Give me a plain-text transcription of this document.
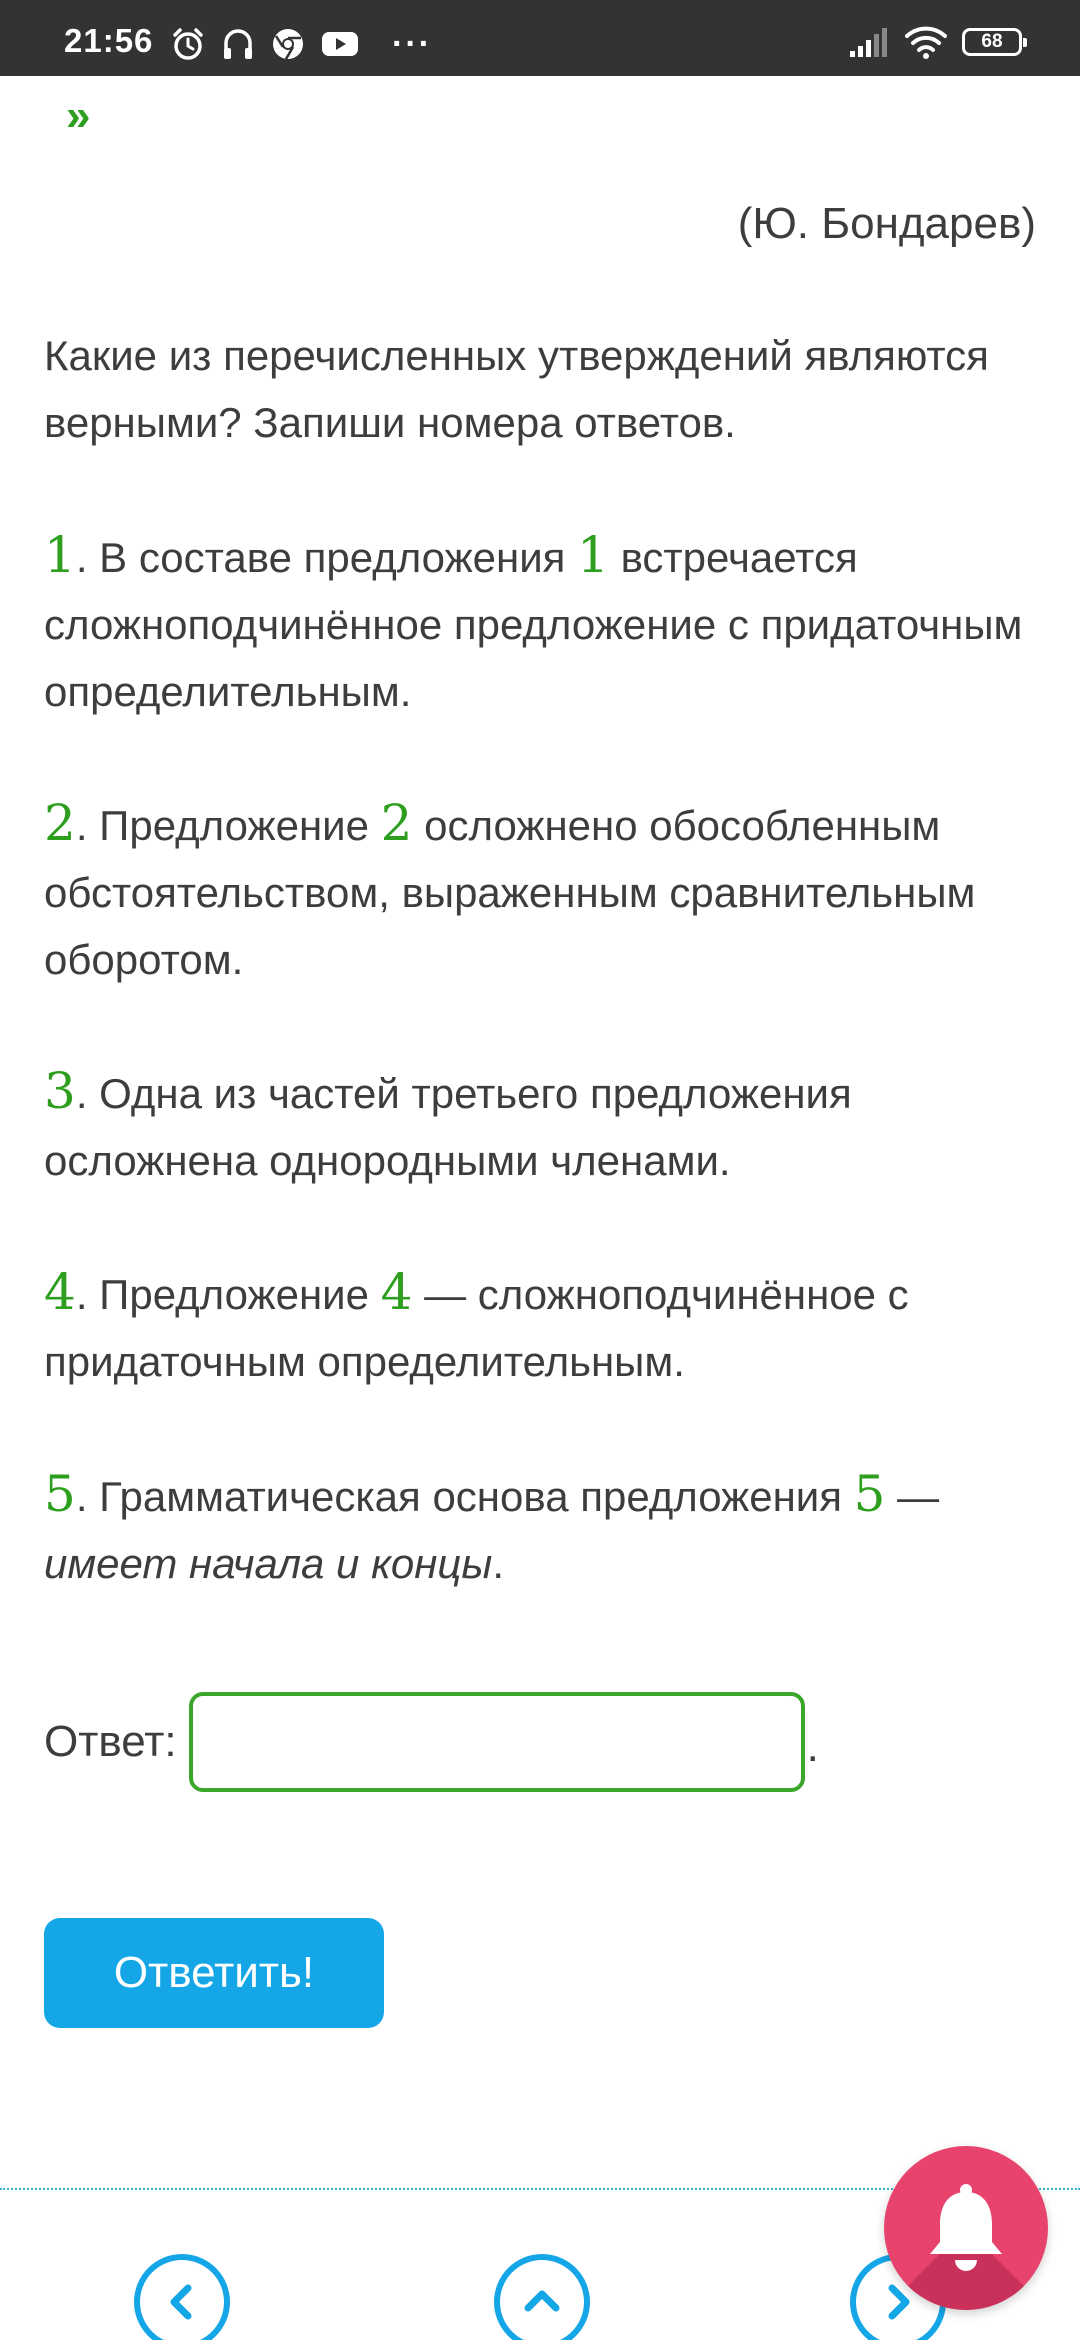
21:56	···	68
»
(Ю. Бондарев)
Какие из перечисленных утверждений являются верными? Запиши номера ответов.
1. В составе предложения 1 встречается сложноподчинённое предложение с придаточным определительным.
2. Предложение 2 осложнено обособленным обстоятельством, выраженным сравнительным оборотом.
3. Одна из частей третьего предложения осложнена однородными членами.
4. Предложение 4 — сложноподчинённое с придаточным определительным.
5. Грамматическая основа предложения 5 — имеет начала и концы.
Ответ:	.
Ответить!
